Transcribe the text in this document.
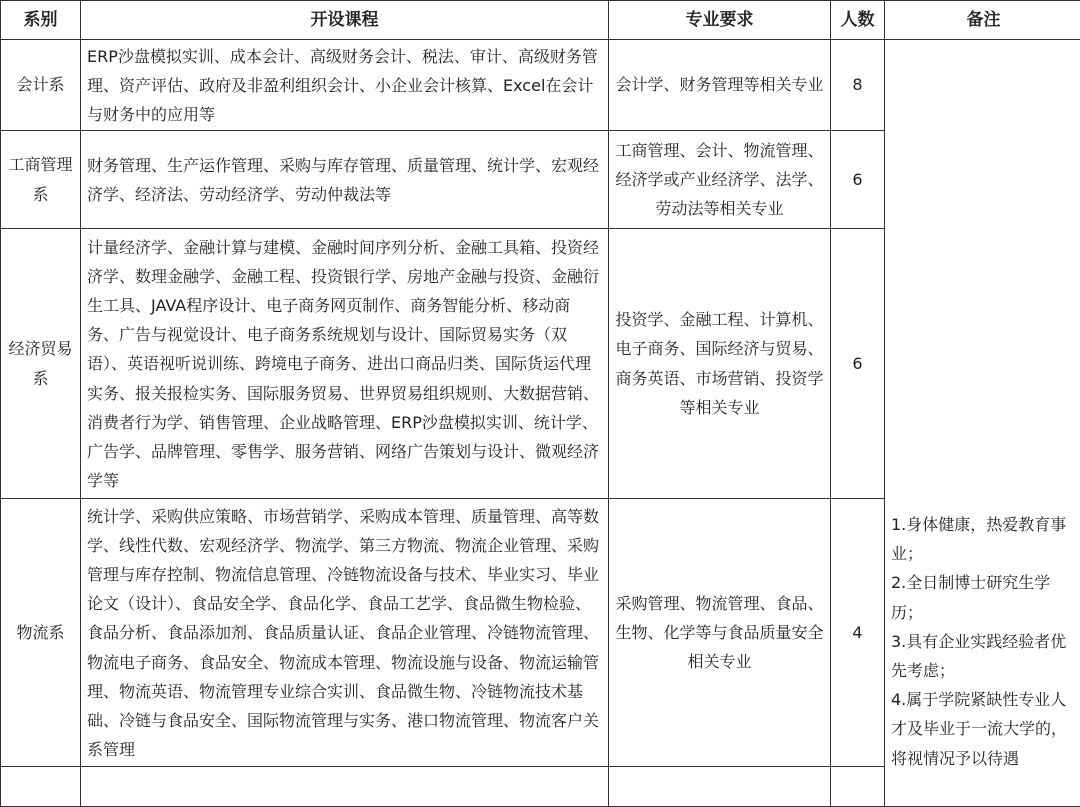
系别	开设课程	专业要求	人数	备注
会计系	ERP沙盘模拟实训、成本会计、高级财务会计、税法、审计、高级财务管理、资产评估、政府及非盈利组织会计、小企业会计核算、Excel在会计与财务中的应用等	会计学、财务管理等相关专业	8	1.身体健康，热爱教育事业；
2.全日制博士研究生学历；
3.具有企业实践经验者优先考虑；
4.属于学院紧缺性专业人才及毕业于一流大学的，将视情况予以待遇

工商管理系	财务管理、生产运作管理、采购与库存管理、质量管理、统计学、宏观经济学、经济法、劳动经济学、劳动仲裁法等	工商管理、会计、物流管理、经济学或产业经济学、法学、劳动法等相关专业	6	
经济贸易系	计量经济学、金融计算与建模、金融时间序列分析、金融工具箱、投资经济学、数理金融学、金融工程、投资银行学、房地产金融与投资、金融衍生工具、JAVA程序设计、电子商务网页制作、商务智能分析、移动商务、广告与视觉设计、电子商务系统规划与设计、国际贸易实务（双语）、英语视听说训练、跨境电子商务、进出口商品归类、国际货运代理实务、报关报检实务、国际服务贸易、世界贸易组织规则、大数据营销、消费者行为学、销售管理、企业战略管理、ERP沙盘模拟实训、统计学、广告学、品牌管理、零售学、服务营销、网络广告策划与设计、微观经济学等	投资学、金融工程、计算机、电子商务、国际经济与贸易、商务英语、市场营销、投资学等相关专业	6	
物流系	统计学、采购供应策略、市场营销学、采购成本管理、质量管理、高等数学、线性代数、宏观经济学、物流学、第三方物流、物流企业管理、采购管理与库存控制、物流信息管理、冷链物流设备与技术、毕业实习、毕业论文（设计）、食品安全学、食品化学、食品工艺学、食品微生物检验、食品分析、食品添加剂、食品质量认证、食品企业管理、冷链物流管理、物流电子商务、食品安全、物流成本管理、物流设施与设备、物流运输管理、物流英语、物流管理专业综合实训、食品微生物、冷链物流技术基础、冷链与食品安全、国际物流管理与实务、港口物流管理、物流客户关系管理	采购管理、物流管理、食品、生物、化学等与食品质量安全相关专业	4	
